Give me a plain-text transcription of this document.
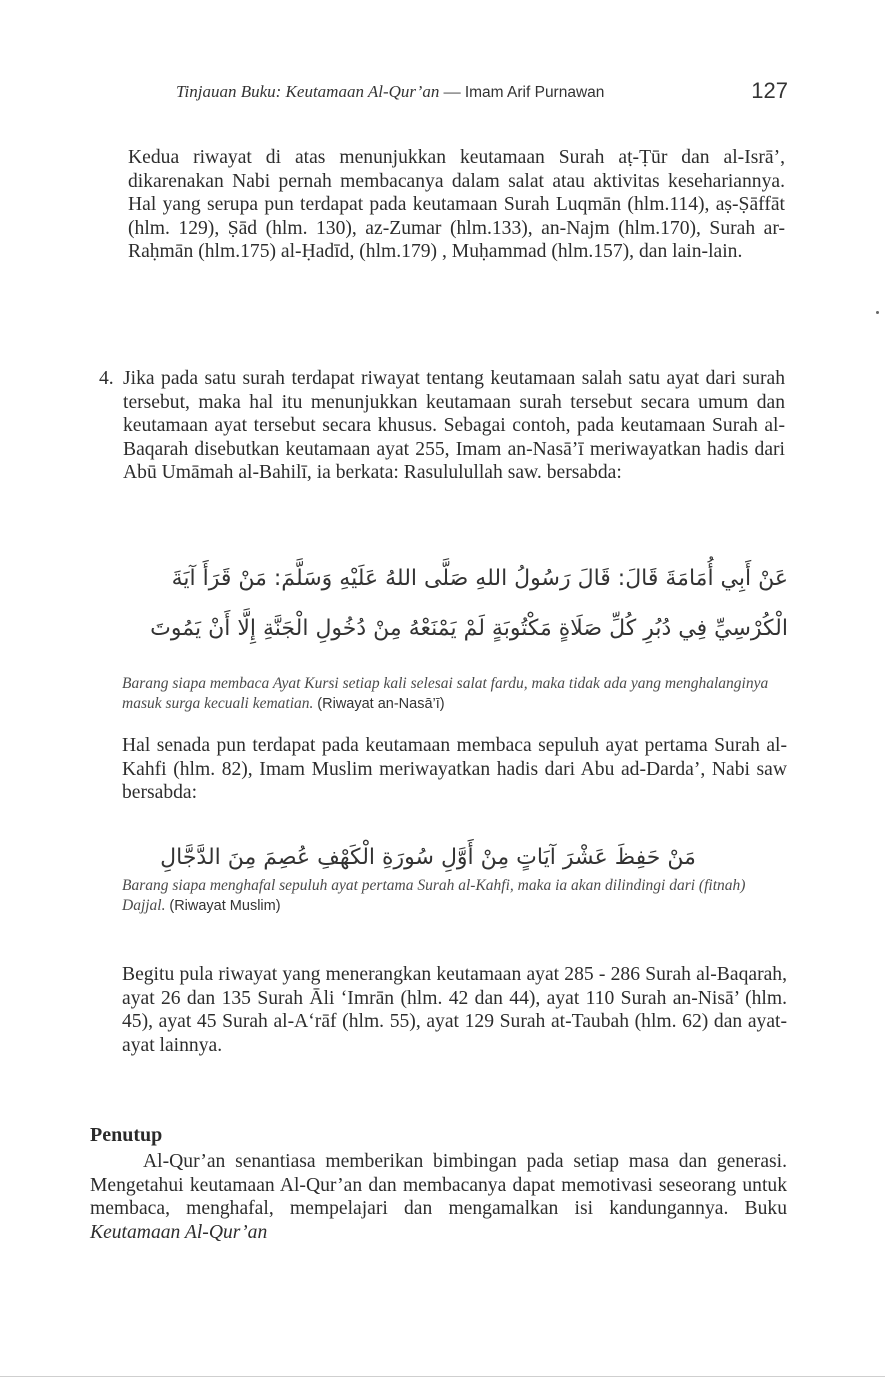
Tinjauan Buku: Keutamaan Al-Qur’an — Imam Arif Purnawan	127
Kedua riwayat di atas menunjukkan keutamaan Surah aṭ-Ṭūr dan al-Isrā’, dikarenakan Nabi pernah membacanya dalam salat atau aktivitas kesehariannya. Hal yang serupa pun terdapat pada keutamaan Surah Luqmān (hlm.114), aṣ-Ṣāffāt (hlm. 129), Ṣād (hlm. 130), az-Zumar (hlm.133), an-Najm (hlm.170), Surah ar-Raḥmān (hlm.175) al-Ḥadīd, (hlm.179) , Muḥammad (hlm.157), dan lain-lain.
4. Jika pada satu surah terdapat riwayat tentang keutamaan salah satu ayat dari surah tersebut, maka hal itu menunjukkan keutamaan surah tersebut secara umum dan keutamaan ayat tersebut secara khusus. Sebagai contoh, pada keutamaan Surah al-Baqarah disebutkan keutamaan ayat 255, Imam an-Nasā’ī meriwayatkan hadis dari Abū Umāmah al-Bahilī, ia berkata: Rasululullah saw. bersabda:
عَنْ أَبِي أُمَامَةَ قَالَ: قَالَ رَسُولُ اللهِ صَلَّى اللهُ عَلَيْهِ وَسَلَّمَ: مَنْ قَرَأَ آيَةَ الْكُرْسِيِّ فِي دُبُرِ كُلِّ صَلَاةٍ مَكْتُوبَةٍ لَمْ يَمْنَعْهُ مِنْ دُخُولِ الْجَنَّةِ إِلَّا أَنْ يَمُوتَ
Barang siapa membaca Ayat Kursi setiap kali selesai salat fardu, maka tidak ada yang menghalanginya masuk surga kecuali kematian. (Riwayat an-Nasā’ī)
Hal senada pun terdapat pada keutamaan membaca sepuluh ayat pertama Surah al-Kahfi (hlm. 82), Imam Muslim meriwayatkan hadis dari Abu ad-Darda’, Nabi saw bersabda:
مَنْ حَفِظَ عَشْرَ آيَاتٍ مِنْ أَوَّلِ سُورَةِ الْكَهْفِ عُصِمَ مِنَ الدَّجَّالِ
Barang siapa menghafal sepuluh ayat pertama Surah al-Kahfi, maka ia akan dilindingi dari (fitnah) Dajjal. (Riwayat Muslim)
Begitu pula riwayat yang menerangkan keutamaan ayat 285 - 286 Surah al-Baqarah, ayat 26 dan 135 Surah Āli ‘Imrān (hlm. 42 dan 44), ayat 110 Surah an-Nisā’ (hlm. 45), ayat 45 Surah al-A‘rāf (hlm. 55), ayat 129 Surah at-Taubah (hlm. 62) dan ayat-ayat lainnya.
Penutup
Al-Qur’an senantiasa memberikan bimbingan pada setiap masa dan generasi. Mengetahui keutamaan Al-Qur’an dan membacanya dapat memotivasi seseorang untuk membaca, menghafal, mempelajari dan mengamalkan isi kandungannya. Buku Keutamaan Al-Qur’an
